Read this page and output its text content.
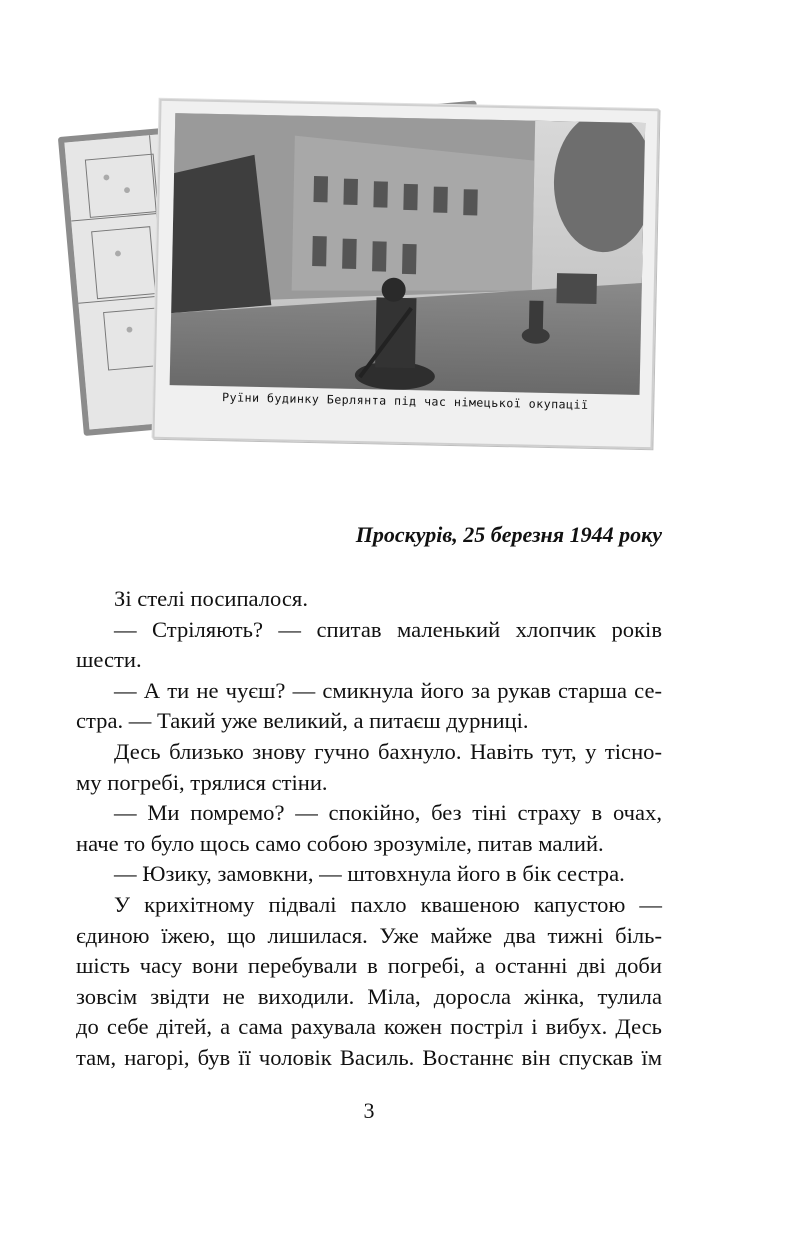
Руїни будинку Берлянта під час німецької окупації
Проскурів, 25 березня 1944 року
Зі стелі посипалося.
— Стріляють? — спитав маленький хлопчик років
шести.
— А ти не чуєш? — смикнула його за рукав старша се-
стра. — Такий уже великий, а питаєш дурниці.
Десь близько знову гучно бахнуло. Навіть тут, у тісно-
му погребі, трялися стіни.
— Ми помремо? — спокійно, без тіні страху в очах,
наче то було щось само собою зрозуміле, питав малий.
— Юзику, замовкни, — штовхнула його в бік сестра.
У крихітному підвалі пахло квашеною капустою —
єдиною їжею, що лишилася. Уже майже два тижні біль-
шість часу вони перебували в погребі, а останні дві доби
зовсім звідти не виходили. Міла, доросла жінка, тулила
до себе дітей, а сама рахувала кожен постріл і вибух. Десь
там, нагорі, був її чоловік Василь. Востаннє він спускав їм
3
